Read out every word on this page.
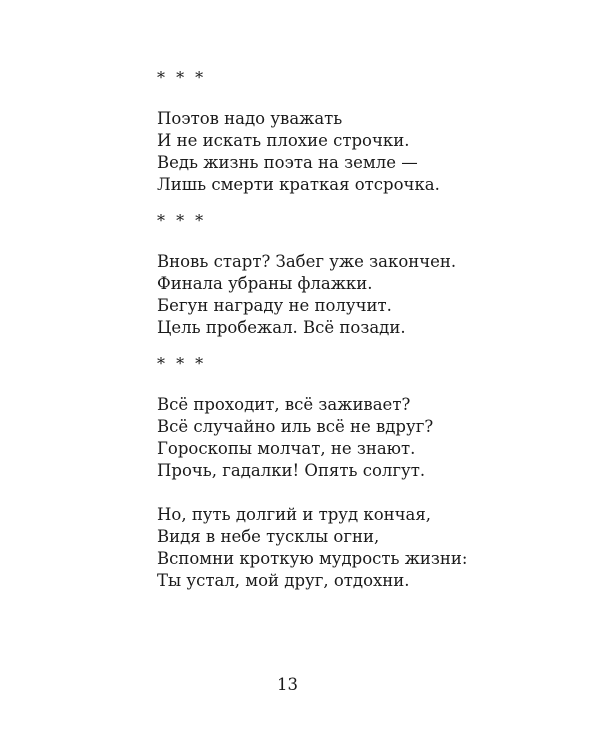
* * *
Поэтов надо уважать
И не искать плохие строчки.
Ведь жизнь поэта на земле —
Лишь смерти краткая отсрочка.
* * *
Вновь старт? Забег уже закончен.
Финала убраны флажки.
Бегун награду не получит.
Цель пробежал. Всё позади.
* * *
Всё проходит, всё заживает?
Всё случайно иль всё не вдруг?
Гороскопы молчат, не знают.
Прочь, гадалки! Опять солгут.
Но, путь долгий и труд кончая,
Видя в небе тусклы огни,
Вспомни кроткую мудрость жизни:
Ты устал, мой друг, отдохни.
13
